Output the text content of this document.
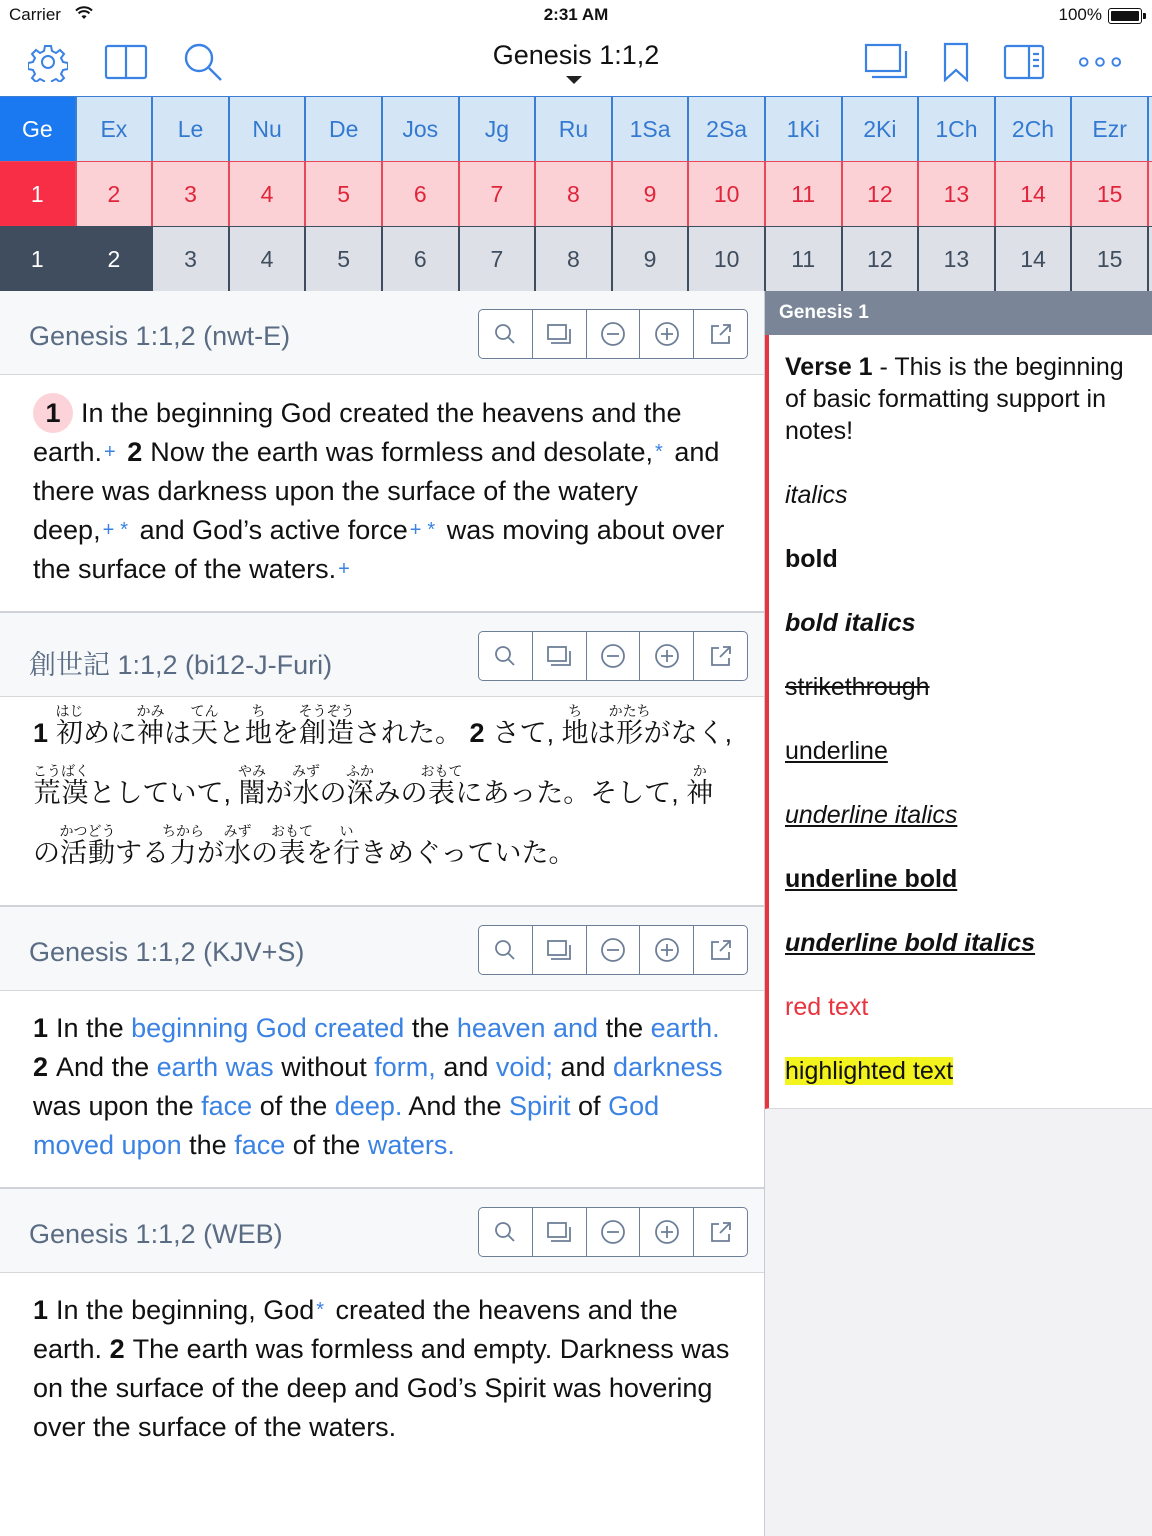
Carrier	2:31 AM	100%
Genesis 1:1,2
Ge	Ex	Le	Nu	De	Jos	Jg	Ru	1Sa	2Sa	1Ki	2Ki	1Ch	2Ch	Ezr
1	2	3	4	5	6	7	8	9	10	11	12	13	14	15
1	2	3	4	5	6	7	8	9	10	11	12	13	14	15
Genesis 1:1,2 (nwt-E)
1 In the beginning God created the heavens and the earth. + 2 Now the earth was formless and desolate, * and there was darkness upon the surface of the watery deep, + * and God’s active force + * was moving about over the surface of the waters. +
創世記 1:1,2 (bi12-J-Furi)
1 初はじめに神かみは天てんと地ちを創造そうぞうされた。 2 さて, 地ちは形かたちがなく, 荒こう漠ばくとしていて, 闇やみが水みずの深ふかみの表おもてにあった。そして, 神かの活動かつどうする力ちからが水みずの表おもてを行いきめぐっていた。
Genesis 1:1,2 (KJV+S)
1 In the beginning God created the heaven and the earth. 2 And the earth was without form, and void; and darkness was upon the face of the deep. And the Spirit of God moved upon the face of the waters.
Genesis 1:1,2 (WEB)
1 In the beginning, God * created the heavens and the earth. 2 The earth was formless and empty. Darkness was on the surface of the deep and God’s Spirit was hovering over the surface of the waters.
Genesis 1

Verse 1 - This is the beginning of basic formatting support in notes!

italics

bold

bold italics

strikethrough

underline

underline italics

underline bold

underline bold italics

red text

highlighted text
